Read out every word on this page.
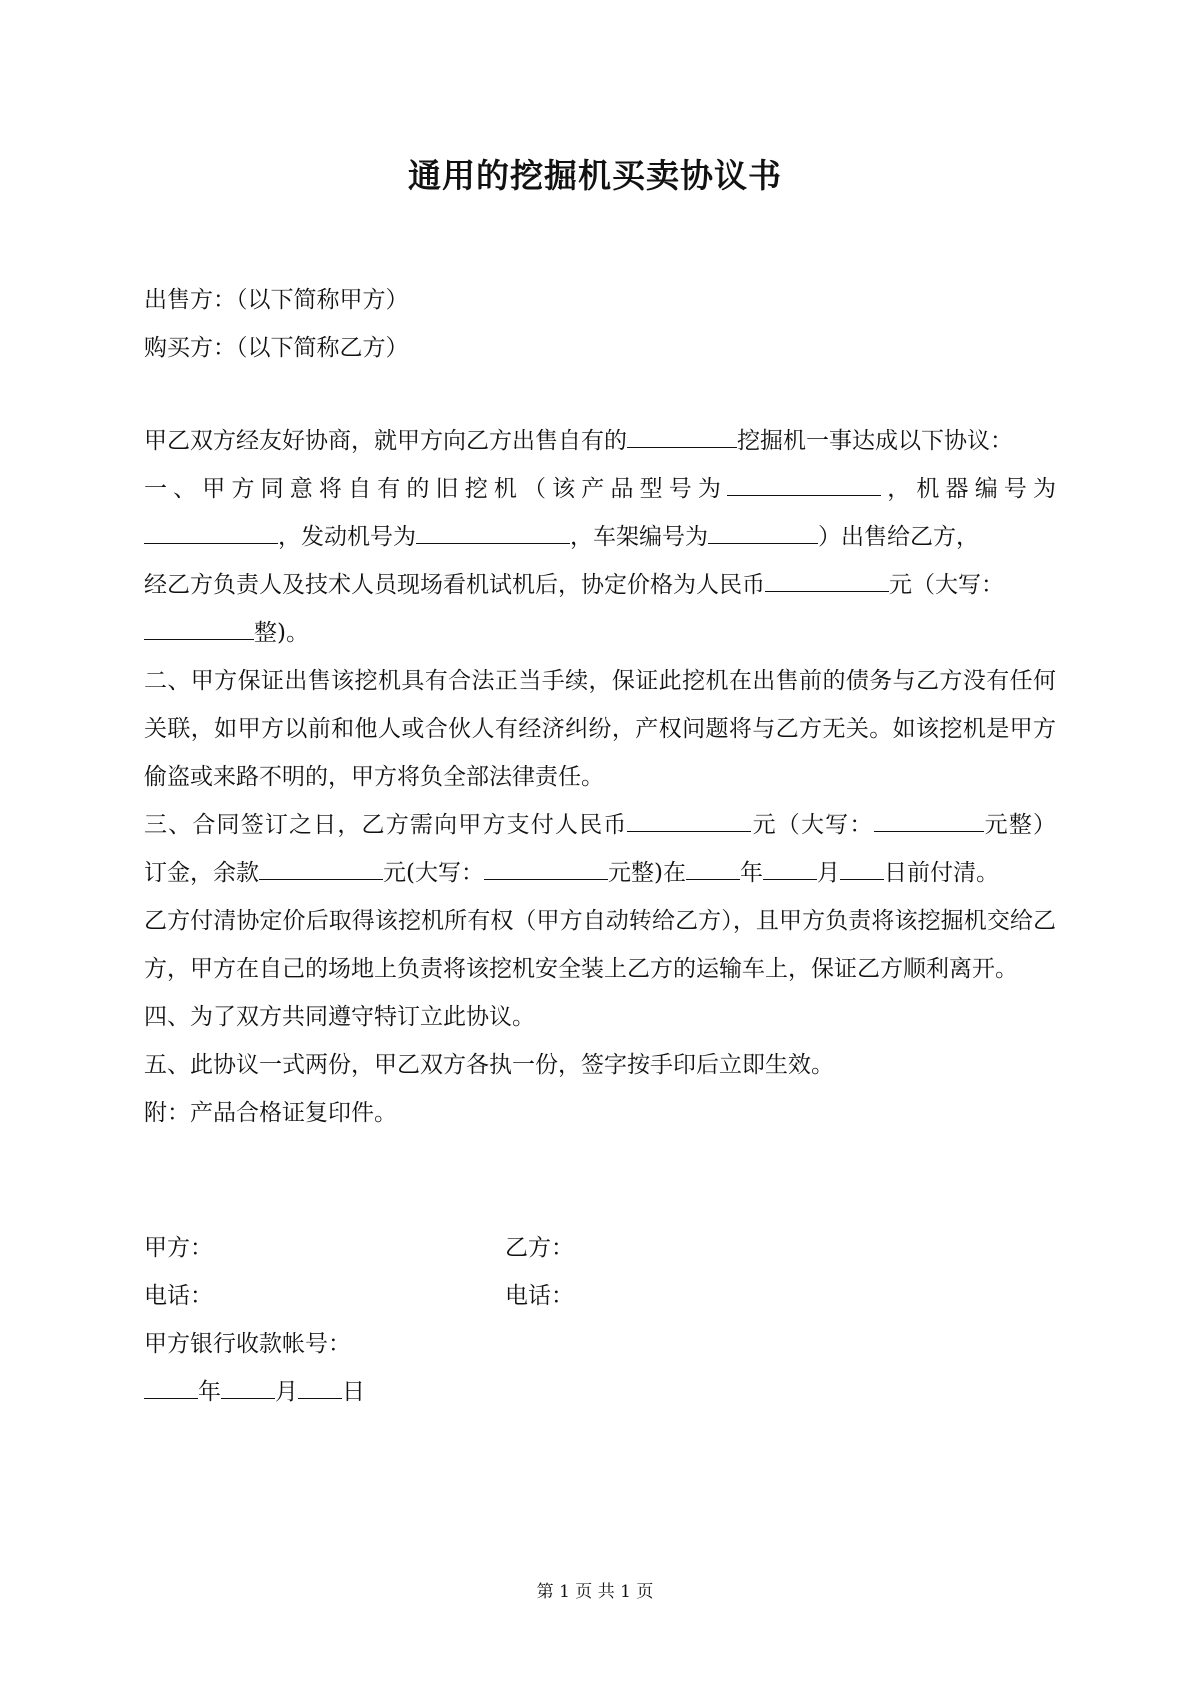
通用的挖掘机买卖协议书
出售方：（以下简称甲方）
购买方：（以下简称乙方）
甲乙双方经友好协商，就甲方向乙方出售自有的	挖掘机一事达成以下协议：
一、甲方同意将自有的旧挖机（该产品型号为	，机器编号为
，发动机号为	，车架编号为	）出售给乙方，
经乙方负责人及技术人员现场看机试机后，协定价格为人民币	元（大写：
整)。
二、甲方保证出售该挖机具有合法正当手续，保证此挖机在出售前的债务与乙方没有任何关联，如甲方以前和他人或合伙人有经济纠纷，产权问题将与乙方无关。如该挖机是甲方偷盗或来路不明的，甲方将负全部法律责任。
三、合同签订之日，乙方需向甲方支付人民币	元（大写：	元整）
订金，余款	元(大写：	元整)在 年 月 日前付清。
乙方付清协定价后取得该挖机所有权（甲方自动转给乙方），且甲方负责将该挖掘机交给乙方，甲方在自己的场地上负责将该挖机安全装上乙方的运输车上，保证乙方顺利离开。
四、为了双方共同遵守特订立此协议。
五、此协议一式两份，甲乙双方各执一份，签字按手印后立即生效。
附：产品合格证复印件。
甲方：	乙方：
电话：	电话：
甲方银行收款帐号：
年 月 日
第 1 页 共 1 页
